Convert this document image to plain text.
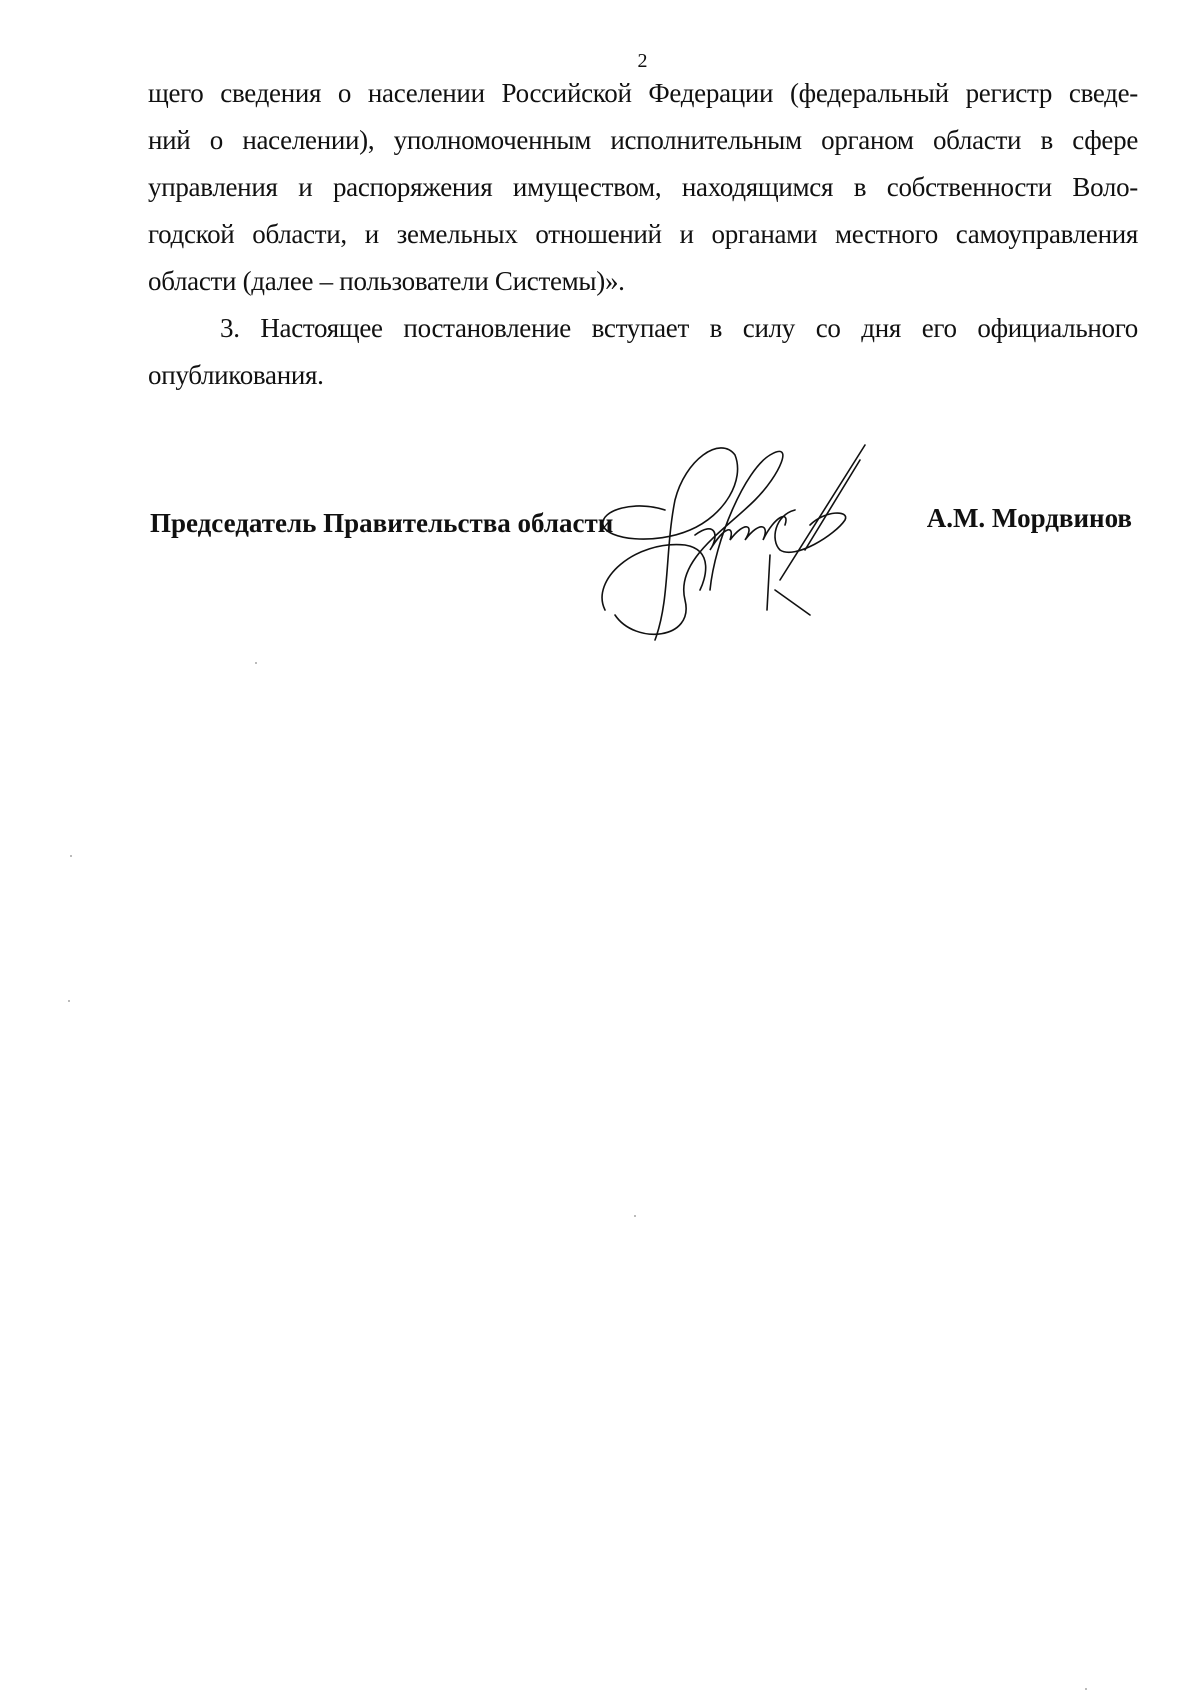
2
щего сведения о населении Российской Федерации (федеральный регистр сведе-
ний о населении), уполномоченным исполнительным органом области в сфере
управления и распоряжения имуществом, находящимся в собственности Воло-
годской области, и земельных отношений и органами местного самоуправления
области (далее – пользователи Системы)».
3. Настоящее постановление вступает в силу со дня его официального
опубликования.
Председатель Правительства области	А.М. Мордвинов
